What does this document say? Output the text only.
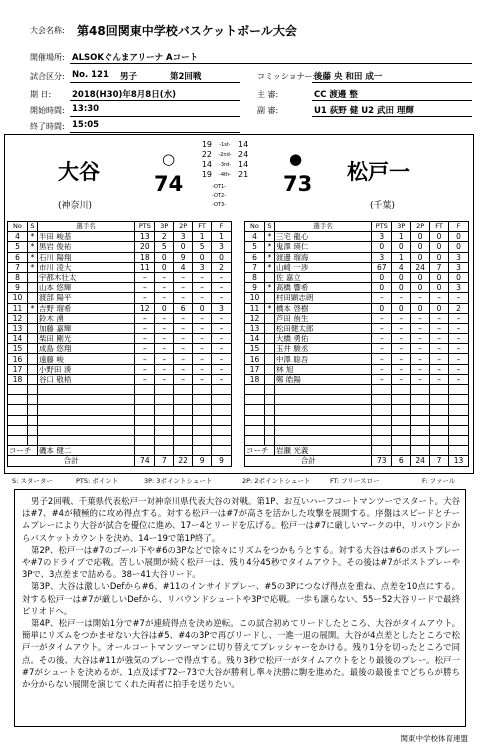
大会名称: 第48回関東中学校バスケットボール大会
開催場所: ALSOKぐんまアリーナ Aコート
試合区分: No. 121 男子	第2回戦	コミッショナー:
後藤 央 和田 成一
期 日: 2018(H30)年8月8日(水)	主 審:	CC 渡邊 整
開始時間: 13:30	副 審:	U1 荻野 健 U2 武田 理輝
終了時間: 15:05
大谷
(神奈川)
○
74	松戸一
(千葉)
●
73
19	-1st- 14
22	-2nd- 24
14	-3rd- 14
19	-4th- 21
-OT1-
-OT2-
-OT3-
No	S	選手名	PTS	3P	2P	FT	F
4	*	半田 峻基	13	2	3	1	1
5	*	黒岩 俊祐	20	5	0	5	3
6	*	石川 陽翔	18	0	9	0	0
7	*	市川 凌大	11	0	4	3	2
8		宇都木壮太	–	–	–	–	–
9		山本 悠輝	–	–	–	–	–
10		渡部 陽平	–	–	–	–	–
11	*	吉野 瑠希	12	0	6	0	3
12		鈴木 湧	–	–	–	–	–
13		加藤 嘉輝	–	–	–	–	–
14		柴田 剛光	–	–	–	–	–
15		成島 悠翔	–	–	–	–	–
16		遠藤 峻	–	–	–	–	–
17		小野田 湊	–	–	–	–	–
18		谷口 敬梧	–	–	–	–	–

コーチ		磯本 健二					
合計			74	7	22	9	9
No	S	選手名	PTS	3P	2P	FT	F
4	*	三宅 龍心	3	1	0	0	0
5	*	鬼澤 瑛仁	0	0	0	0	0
6	*	渡邊 瑠海	3	1	0	0	3
7	*	山崎 一渉	67	4	24	7	3
8		佐 嘉立	0	0	0	0	0
9	*	髙橋 響希	0	0	0	0	3
10		村田顕志朗	–	–	–	–	–
11	*	橋本 啓樹	0	0	0	0	2
12		芦田 侑生	–	–	–	–	–
13		松田健太郎	–	–	–	–	–
14		大橋 勇佑	–	–	–	–	–
15		玉井 駿丞	–	–	–	–	–
16		中澤 聡吾	–	–	–	–	–
17		林 旭	–	–	–	–	–
18		鄭 皓陽	–	–	–	–	–

コーチ		岩瀬 光義					
合計			73	6	24	7	13
S: スターター	PTS: ポイント	3P: 3ポイントシュート	2P: 2ポイントシュート	FT: フリースロー	F: ファール

男子2回戦、千葉県代表松戸一対神奈川県代表大谷の対戦。第1P、お互いハーフコートマンツーでスタート。大谷は#7、#4が積極的に攻め得点する。対する松戸一は#7が高さを活かした攻撃を展開する。序盤はスピードとチームプレーにより大谷が試合を優位に進め、17ー4とリードを広げる。松戸一は#7に厳しいマークの中、リバウンドからバスケットカウントを決め、14ー19で第1P終了。

第2P、松戸一は#7のゴール下や#6の3Pなどで徐々にリズムをつかもうとする。対する大谷は#6のポストプレーや#7のドライブで応戦。苦しい展開が続く松戸一は、残り4分45秒でタイムアウト。その後は#7がポストプレーや3Pで、3点差まで詰める。38ー41大谷リード。

第3P、大谷は激しいDefから#6、#11のインサイドプレー、#5の3Pにつなげ得点を重ね、点差を10点にする。対する松戸一は#7が厳しいDefから、リバウンドシュートや3Pで応戦。一歩も譲らない、55ー52大谷リードで最終ピリオドへ。

第4P、松戸一は開始1分で#7が連続得点を決め逆転。この試合初めてリードしたところ、大谷がタイムアウト。簡単にリズムをつかませない大谷は#5、#4の3Pで再びリードし、一進一退の展開。大谷が4点差としたところで松戸一がタイムアウト。オールコートマンツーマンに切り替えてプレッシャーをかける。残り1分を切ったところで同点。その後、大谷は#11が強気のプレーで得点する。残り3秒で松戸一がタイムアウトをとり最後のプレー。松戸一#7がシュートを決めるが、1点及ばず72ー73で大谷が勝利し準々決勝に駒を進めた。最後の最後までどちらが勝ちか分からない展開を演じてくれた両者に拍手を送りたい。

関東中学校体育連盟
